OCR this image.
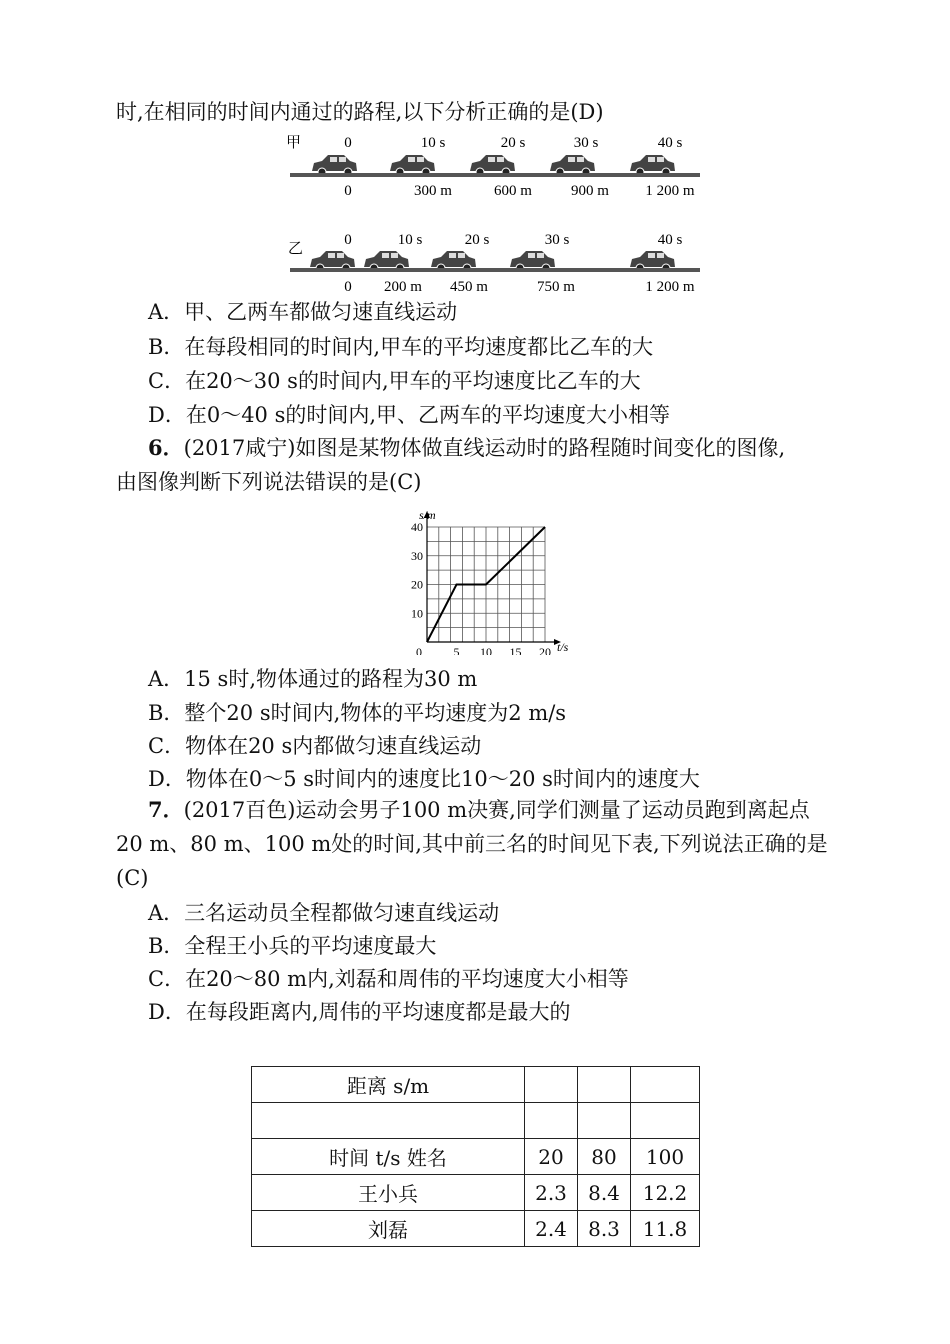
时,在相同的时间内通过的路程,以下分析正确的是(D)
甲	0	10 s	20 s	30 s	40 s
0	300 m	600 m	900 m 1 200 m
乙
0	10 s	20 s	30 s	40 s
0 200 m 450 m	750 m	1 200 m
A．甲、乙两车都做匀速直线运动
B．在每段相同的时间内,甲车的平均速度都比乙车的大
C．在20～30 s的时间内,甲车的平均速度比乙车的大
D．在0～40 s的时间内,甲、乙两车的平均速度大小相等
6．(2017咸宁)如图是某物体做直线运动时的路程随时间变化的图像,
由图像判断下列说法错误的是(C)
0	5 10 15 20
10
20
30
40
s/m
t/s
A．15 s时,物体通过的路程为30 m
B．整个20 s时间内,物体的平均速度为2 m/s
C．物体在20 s内都做匀速直线运动
D．物体在0～5 s时间内的速度比10～20 s时间内的速度大
7．(2017百色)运动会男子100 m决赛,同学们测量了运动员跑到离起点
20 m、80 m、100 m处的时间,其中前三名的时间见下表,下列说法正确的是
(C)
A．三名运动员全程都做匀速直线运动
B．全程王小兵的平均速度最大
C．在20～80 m内,刘磊和周伟的平均速度大小相等
D．在每段距离内,周伟的平均速度都是最大的
距离 s/m			

时间 t/s 姓名	20	80	100
王小兵	2.3	8.4	12.2
刘磊	2.4	8.3	11.8
